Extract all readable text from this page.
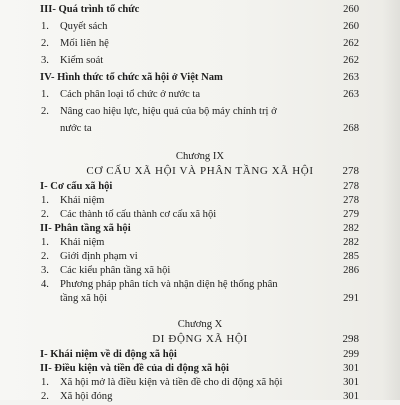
III- Quá trình tổ chức	260
1. Quyết sách	260
2. Mối liên hệ	262
3. Kiểm soát	262
IV- Hình thức tổ chức xã hội ở Việt Nam	263
1. Cách phân loại tổ chức ở nước ta	263
2. Nâng cao hiệu lực, hiệu quả của bộ máy chính trị ở
nước ta	268
Chương IX
CƠ CẤU XÃ HỘI VÀ PHÂN TẦNG XÃ HỘI	278
I- Cơ cấu xã hội	278
1. Khái niệm	278
2. Các thành tố cấu thành cơ cấu xã hội	279
II- Phân tầng xã hội	282
1. Khái niệm	282
2. Giới định phạm vi	285
3. Các kiểu phân tầng xã hội	286
4. Phương pháp phân tích và nhận diện hệ thống phân
tầng xã hội	291
Chương X
DI ĐỘNG XÃ HỘI	298
I- Khái niệm về di động xã hội	299
II- Điều kiện và tiền đề của di động xã hội	301
1. Xã hội mở là điều kiện và tiền đề cho di động xã hội	301
2. Xã hội đóng	301
